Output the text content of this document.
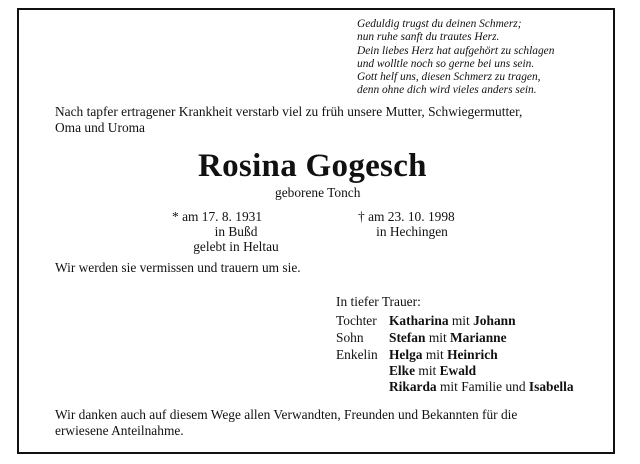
Geduldig trugst du deinen Schmerz;
nun ruhe sanft du trautes Herz.
Dein liebes Herz hat aufgehört zu schlagen
und wolltle noch so gerne bei uns sein.
Gott helf uns, diesen Schmerz zu tragen,
denn ohne dich wird vieles anders sein.
Nach tapfer ertragener Krankheit verstarb viel zu früh unsere Mutter, Schwiegermutter,
Oma und Uroma
Rosina Gogesch
geborene Tonch
* am 17. 8. 1931
in Bußd
gelebt in Heltau
† am 23. 10. 1998
in Hechingen
Wir werden sie vermissen und trauern um sie.
In tiefer Trauer:
Tochter Katharina mit Johann
Sohn Stefan mit Marianne
Enkelin Helga mit Heinrich
Elke mit Ewald
Rikarda mit Familie und Isabella
Wir danken auch auf diesem Wege allen Verwandten, Freunden und Bekannten für die
erwiesene Anteilnahme.
